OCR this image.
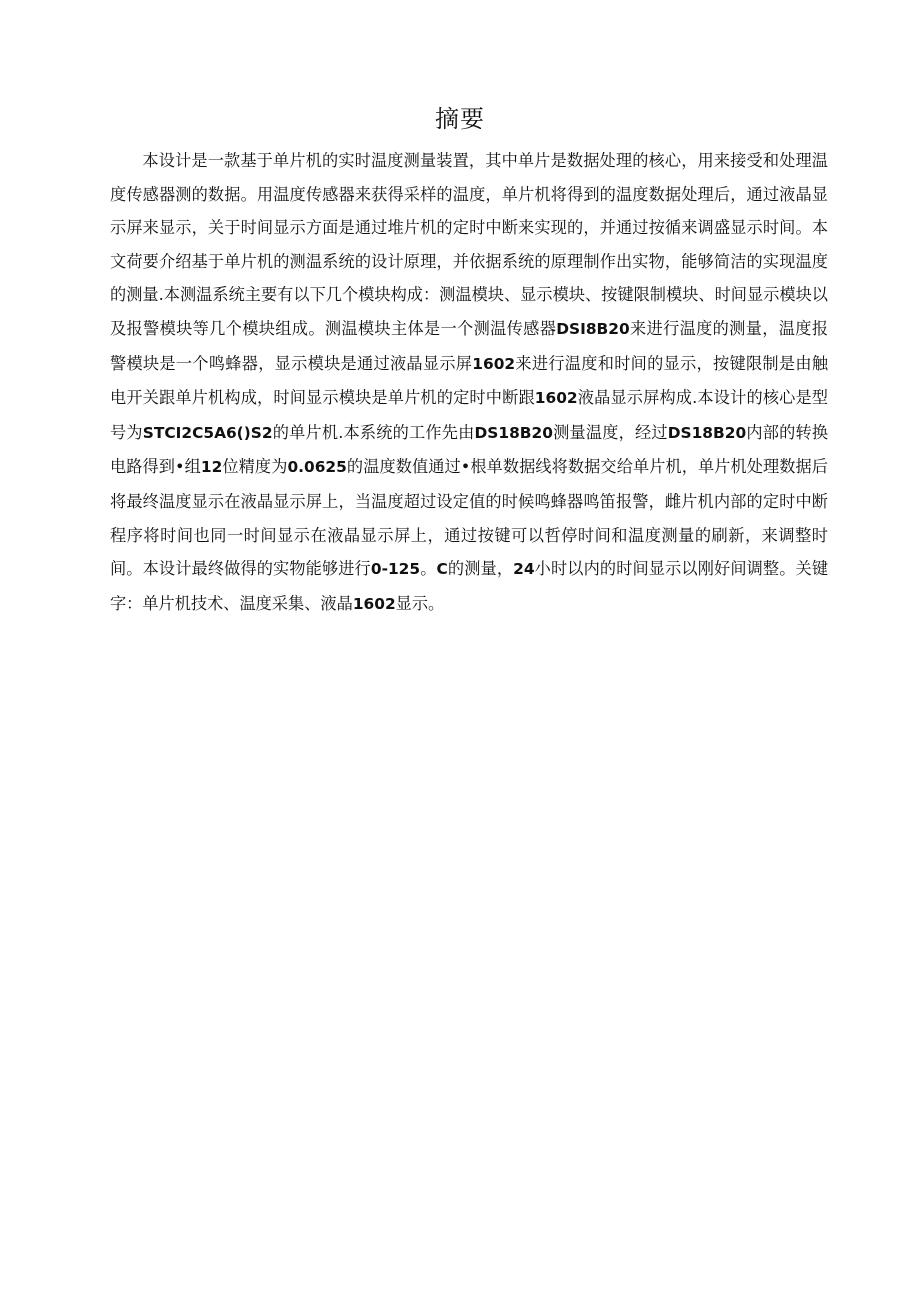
摘要

本设计是一款基于单片机的实时温度测量装置，其中单片是数据处理的核心，用来接受和处理温度传感器测的数据。用温度传感器来获得采样的温度，单片机将得到的温度数据处理后，通过液晶显示屏来显示，关于时间显示方面是通过堆片机的定时中断来实现的，并通过按循来调盛显示时间。本文荷要介绍基于单片机的测温系统的设计原理，并依据系统的原理制作出实物，能够简洁的实现温度的测量.本测温系统主要有以下几个模块构成：测温模块、显示模块、按键限制模块、时间显示模块以及报警模块等几个模块组成。测温模块主体是一个测温传感器DSI8B20来进行温度的测量，温度报警模块是一个鸣蜂器，显示模块是通过液晶显示屏1602来进行温度和时间的显示，按键限制是由触电开关跟单片机构成，时间显示模块是单片机的定时中断跟1602液晶显示屏构成.本设计的核心是型号为STCI2C5A6()S2的单片机.本系统的工作先由DS18B20测量温度，经过DS18B20内部的转换电路得到•组12位精度为0.0625的温度数值通过•根单数据线将数据交给单片机，单片机处理数据后将最终温度显示在液晶显示屏上，当温度超过设定值的时候鸣蜂器鸣笛报警，雌片机内部的定时中断程序将时间也同一时间显示在液晶显示屏上，通过按键可以哲停时间和温度测量的刷新，来调整时间。本设计最终做得的实物能够进行0-125。C的测量，24小时以内的时间显示以刚好间调整。关键字：单片机技术、温度采集、液晶1602显示。
